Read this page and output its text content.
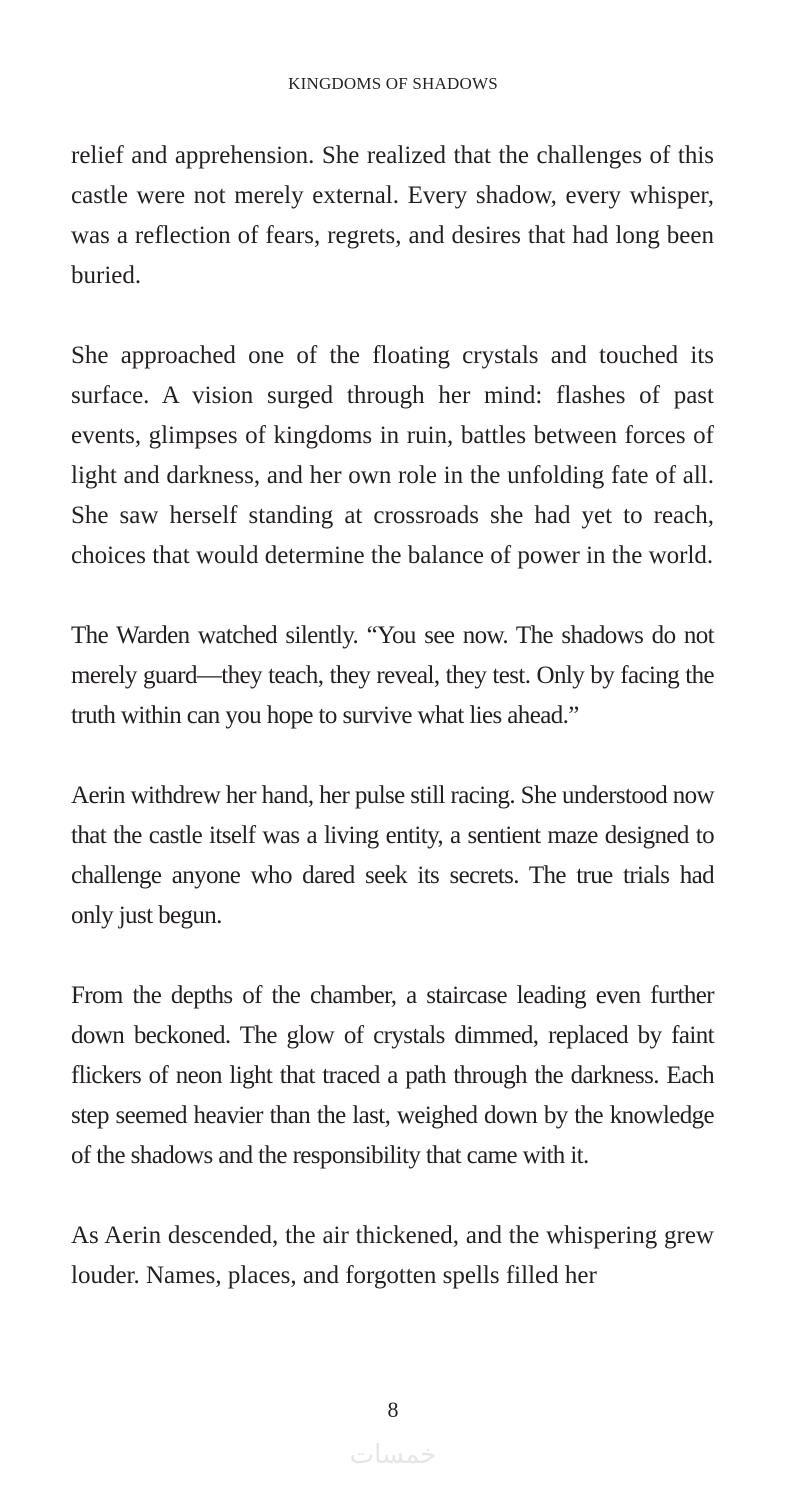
KINGDOMS OF SHADOWS

relief and apprehension. She realized that the challenges of this castle were not merely external. Every shadow, every whisper, was a reflection of fears, regrets, and desires that had long been buried.

She approached one of the floating crystals and touched its surface. A vision surged through her mind: flashes of past events, glimpses of kingdoms in ruin, battles between forces of light and darkness, and her own role in the unfolding fate of all. She saw herself standing at crossroads she had yet to reach, choices that would determine the balance of power in the world.

The Warden watched silently. “You see now. The shadows do not merely guard—they teach, they reveal, they test. Only by facing the truth within can you hope to survive what lies ahead.”

Aerin withdrew her hand, her pulse still racing. She understood now that the castle itself was a living entity, a sentient maze designed to challenge anyone who dared seek its secrets. The true trials had only just begun.

From the depths of the chamber, a staircase leading even further down beckoned. The glow of crystals dimmed, replaced by faint flickers of neon light that traced a path through the darkness. Each step seemed heavier than the last, weighed down by the knowledge of the shadows and the responsibility that came with it.

As Aerin descended, the air thickened, and the whispering grew louder. Names, places, and forgotten spells filled her

8
خمسات
